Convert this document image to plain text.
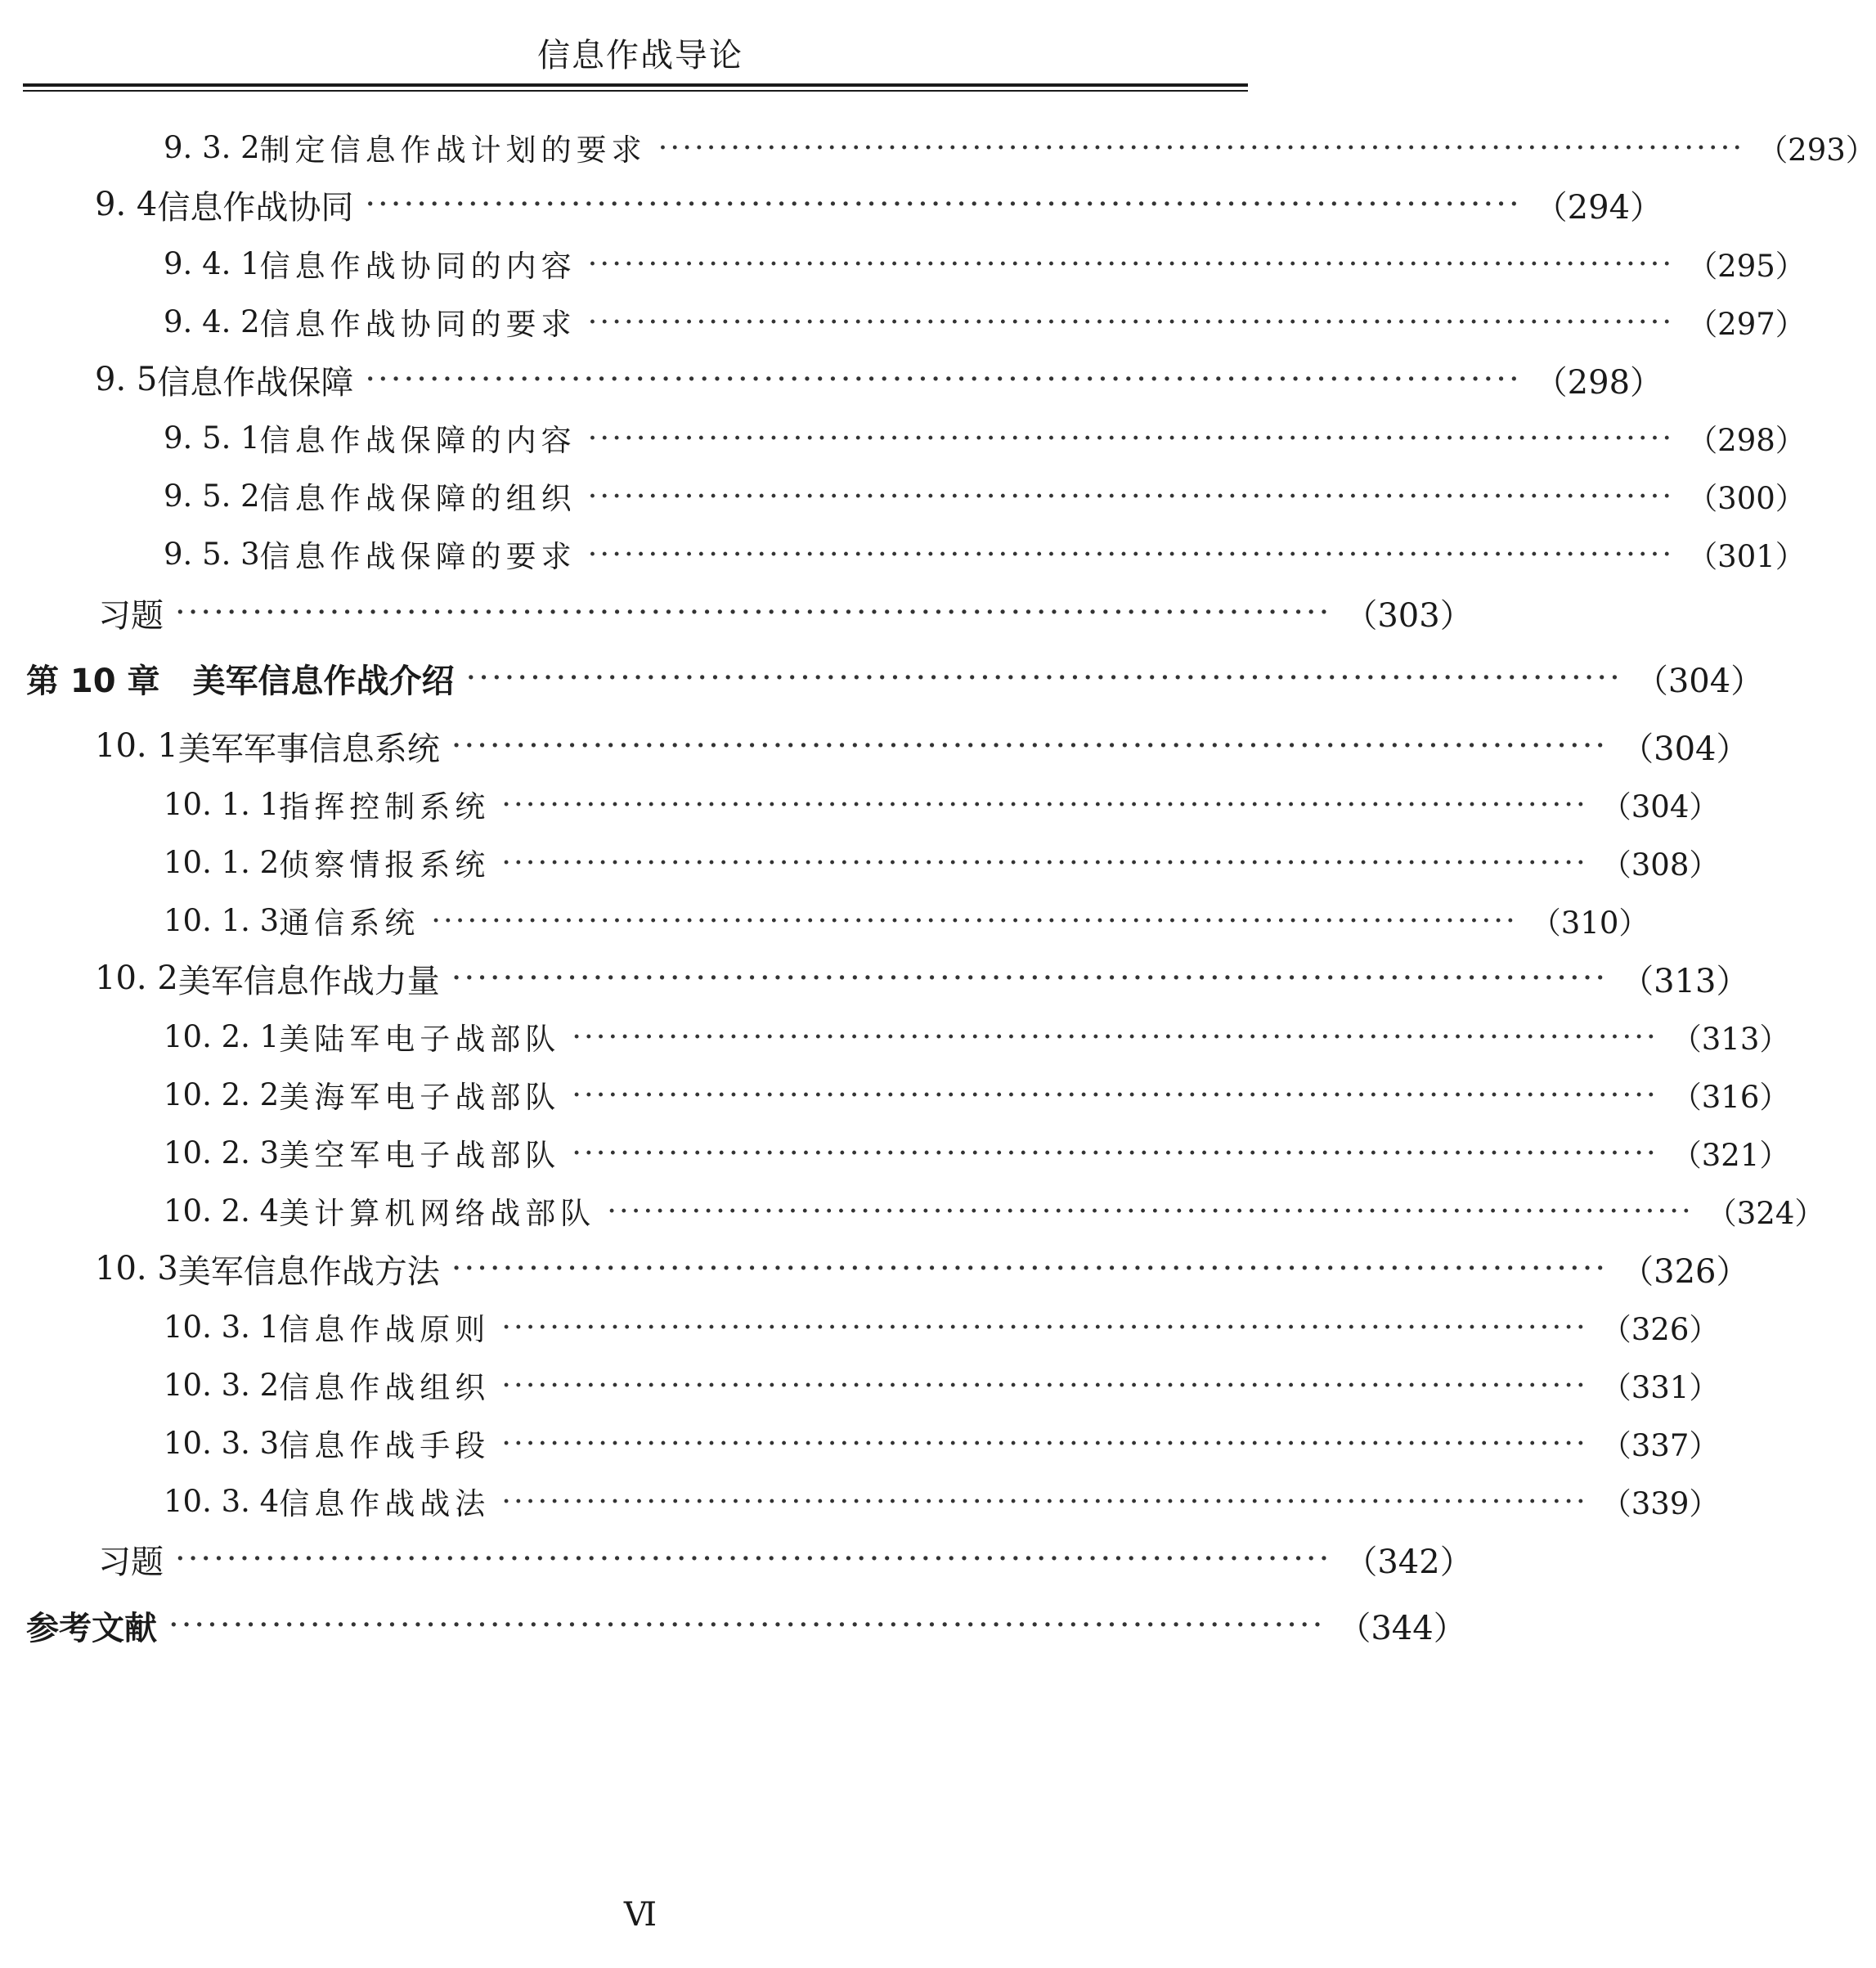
信息作战导论
9. 3. 2 制定信息作战计划的要求 ·························································································· （293）
9. 4 信息作战协同 ·························································································· （294）
9. 4. 1 信息作战协同的内容 ·························································································· （295）
9. 4. 2 信息作战协同的要求 ·························································································· （297）
9. 5 信息作战保障 ·························································································· （298）
9. 5. 1 信息作战保障的内容 ·························································································· （298）
9. 5. 2 信息作战保障的组织 ·························································································· （300）
9. 5. 3 信息作战保障的要求 ·························································································· （301）
习题 ·························································································· （303）
第 10 章 美军信息作战介绍 ·························································································· （304）
10. 1 美军军事信息系统 ·························································································· （304）
10. 1. 1 指挥控制系统 ·························································································· （304）
10. 1. 2 侦察情报系统 ·························································································· （308）
10. 1. 3 通信系统 ·························································································· （310）
10. 2 美军信息作战力量 ·························································································· （313）
10. 2. 1 美陆军电子战部队 ·························································································· （313）
10. 2. 2 美海军电子战部队 ·························································································· （316）
10. 2. 3 美空军电子战部队 ·························································································· （321）
10. 2. 4 美计算机网络战部队 ·························································································· （324）
10. 3 美军信息作战方法 ·························································································· （326）
10. 3. 1 信息作战原则 ·························································································· （326）
10. 3. 2 信息作战组织 ·························································································· （331）
10. 3. 3 信息作战手段 ·························································································· （337）
10. 3. 4 信息作战战法 ·························································································· （339）
习题 ·························································································· （342）
参考文献 ·························································································· （344）
Ⅵ
